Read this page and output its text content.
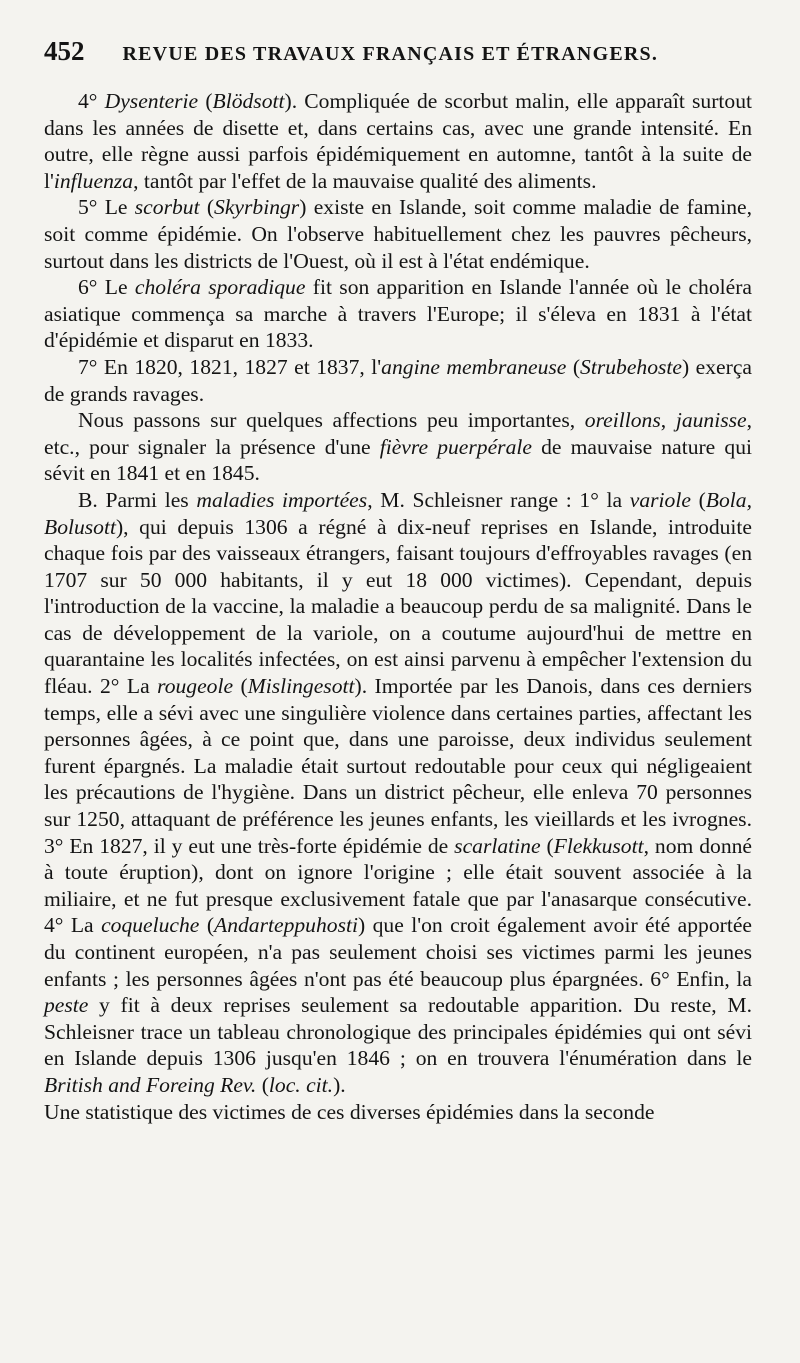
452 REVUE DES TRAVAUX FRANÇAIS ET ÉTRANGERS.

4° Dysenterie (Blödsott). Compliquée de scorbut malin, elle apparaît surtout dans les années de disette et, dans certains cas, avec une grande intensité. En outre, elle règne aussi parfois épidémiquement en automne, tantôt à la suite de l'influenza, tantôt par l'effet de la mauvaise qualité des aliments.

5° Le scorbut (Skyrbingr) existe en Islande, soit comme maladie de famine, soit comme épidémie. On l'observe habituellement chez les pauvres pêcheurs, surtout dans les districts de l'Ouest, où il est à l'état endémique.

6° Le choléra sporadique fit son apparition en Islande l'année où le choléra asiatique commença sa marche à travers l'Europe; il s'éleva en 1831 à l'état d'épidémie et disparut en 1833.

7° En 1820, 1821, 1827 et 1837, l'angine membraneuse (Strubehoste) exerça de grands ravages.

Nous passons sur quelques affections peu importantes, oreillons, jaunisse, etc., pour signaler la présence d'une fièvre puerpérale de mauvaise nature qui sévit en 1841 et en 1845.

B. Parmi les maladies importées, M. Schleisner range : 1° la variole (Bola, Bolusott), qui depuis 1306 a régné à dix-neuf reprises en Islande, introduite chaque fois par des vaisseaux étrangers, faisant toujours d'effroyables ravages (en 1707 sur 50 000 habitants, il y eut 18 000 victimes). Cependant, depuis l'introduction de la vaccine, la maladie a beaucoup perdu de sa malignité. Dans le cas de développement de la variole, on a coutume aujourd'hui de mettre en quarantaine les localités infectées, on est ainsi parvenu à empêcher l'extension du fléau. 2° La rougeole (Mislingesott). Importée par les Danois, dans ces derniers temps, elle a sévi avec une singulière violence dans certaines parties, affectant les personnes âgées, à ce point que, dans une paroisse, deux individus seulement furent épargnés. La maladie était surtout redoutable pour ceux qui négligeaient les précautions de l'hygiène. Dans un district pêcheur, elle enleva 70 personnes sur 1250, attaquant de préférence les jeunes enfants, les vieillards et les ivrognes. 3° En 1827, il y eut une très-forte épidémie de scarlatine (Flekkusott, nom donné à toute éruption), dont on ignore l'origine ; elle était souvent associée à la miliaire, et ne fut presque exclusivement fatale que par l'anasarque consécutive. 4° La coqueluche (Andarteppuhosti) que l'on croit également avoir été apportée du continent européen, n'a pas seulement choisi ses victimes parmi les jeunes enfants ; les personnes âgées n'ont pas été beaucoup plus épargnées. 6° Enfin, la peste y fit à deux reprises seulement sa redoutable apparition. Du reste, M. Schleisner trace un tableau chronologique des principales épidémies qui ont sévi en Islande depuis 1306 jusqu'en 1846 ; on en trouvera l'énumération dans le British and Foreing Rev. (loc. cit.).

Une statistique des victimes de ces diverses épidémies dans la seconde
